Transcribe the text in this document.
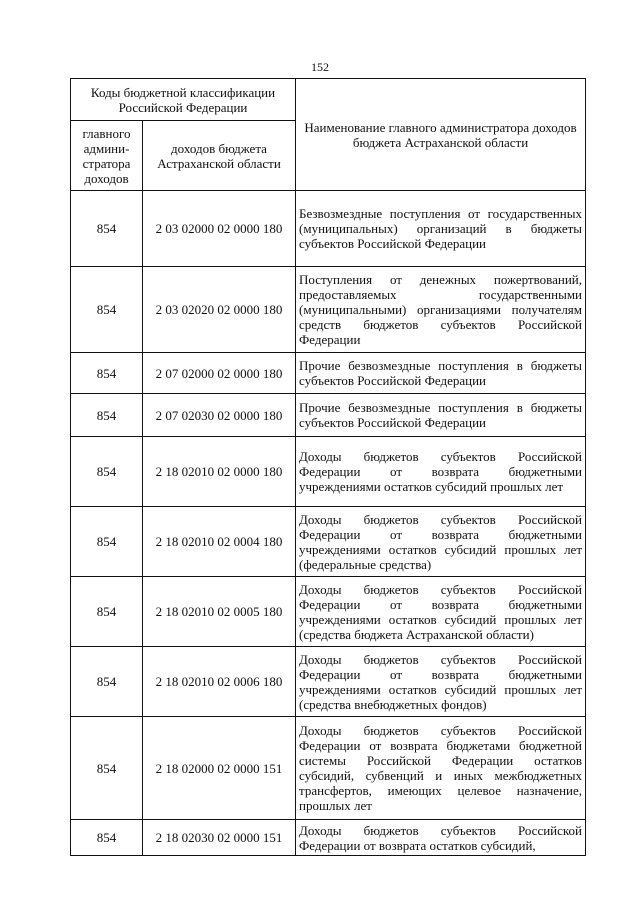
152
Коды бюджетной классификации Российской Федерации		Наименование главного администратора доходов бюджета Астраханской области
главного админи-стратора доходов	доходов бюджета Астраханской области	
854	2 03 02000 02 0000 180	Безвозмездные поступления от государственных (муниципальных) организаций в бюджеты субъектов Российской Федерации
854	2 03 02020 02 0000 180	Поступления от денежных пожертвований, предоставляемых государственными (муниципальными) организациями получателям средств бюджетов субъектов Российской Федерации
854	2 07 02000 02 0000 180	Прочие безвозмездные поступления в бюджеты субъектов Российской Федерации
854	2 07 02030 02 0000 180	Прочие безвозмездные поступления в бюджеты субъектов Российской Федерации
854	2 18 02010 02 0000 180	Доходы бюджетов субъектов Российской Федерации от возврата бюджетными учреждениями остатков субсидий прошлых лет
854	2 18 02010 02 0004 180	Доходы бюджетов субъектов Российской Федерации от возврата бюджетными учреждениями остатков субсидий прошлых лет (федеральные средства)
854	2 18 02010 02 0005 180	Доходы бюджетов субъектов Российской Федерации от возврата бюджетными учреждениями остатков субсидий прошлых лет (средства бюджета Астраханской области)
854	2 18 02010 02 0006 180	Доходы бюджетов субъектов Российской Федерации от возврата бюджетными учреждениями остатков субсидий прошлых лет (средства внебюджетных фондов)
854	2 18 02000 02 0000 151	Доходы бюджетов субъектов Российской Федерации от возврата бюджетами бюджетной системы Российской Федерации остатков субсидий, субвенций и иных межбюджетных трансфертов, имеющих целевое назначение, прошлых лет
854	2 18 02030 02 0000 151	Доходы бюджетов субъектов Российской Федерации от возврата остатков субсидий,
